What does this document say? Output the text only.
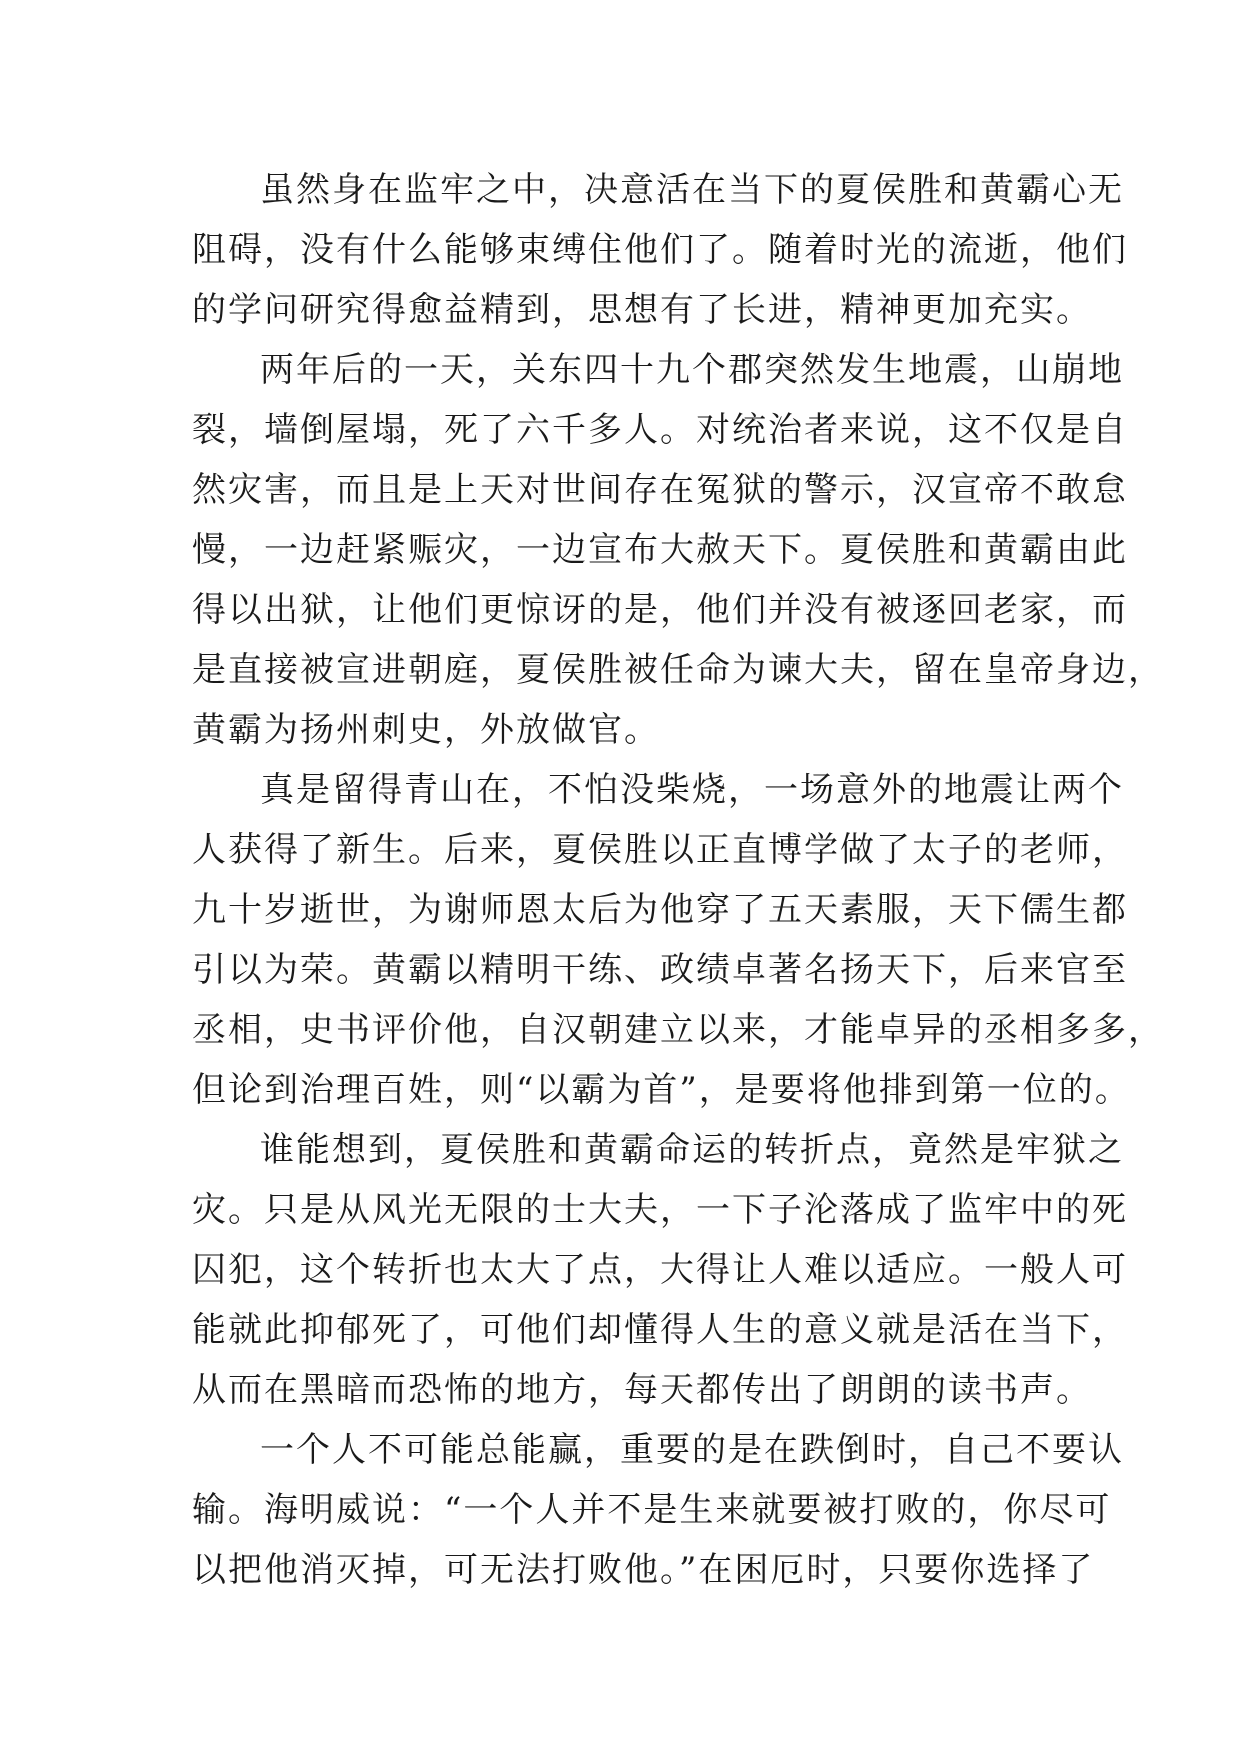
虽然身在监牢之中，决意活在当下的夏侯胜和黄霸心无
阻碍，没有什么能够束缚住他们了。随着时光的流逝，他们
的学问研究得愈益精到，思想有了长进，精神更加充实。
两年后的一天，关东四十九个郡突然发生地震，山崩地
裂，墙倒屋塌，死了六千多人。对统治者来说，这不仅是自
然灾害，而且是上天对世间存在冤狱的警示，汉宣帝不敢怠
慢，一边赶紧赈灾，一边宣布大赦天下。夏侯胜和黄霸由此
得以出狱，让他们更惊讶的是，他们并没有被逐回老家，而
是直接被宣进朝庭，夏侯胜被任命为谏大夫，留在皇帝身边，
黄霸为扬州刺史，外放做官。
真是留得青山在，不怕没柴烧，一场意外的地震让两个
人获得了新生。后来，夏侯胜以正直博学做了太子的老师，
九十岁逝世，为谢师恩太后为他穿了五天素服，天下儒生都
引以为荣。黄霸以精明干练、政绩卓著名扬天下，后来官至
丞相，史书评价他，自汉朝建立以来，才能卓异的丞相多多，
但论到治理百姓，则“以霸为首”，是要将他排到第一位的。
谁能想到，夏侯胜和黄霸命运的转折点，竟然是牢狱之
灾。只是从风光无限的士大夫，一下子沦落成了监牢中的死
囚犯，这个转折也太大了点，大得让人难以适应。一般人可
能就此抑郁死了，可他们却懂得人生的意义就是活在当下，
从而在黑暗而恐怖的地方，每天都传出了朗朗的读书声。
一个人不可能总能赢，重要的是在跌倒时，自己不要认
输。海明威说：“一个人并不是生来就要被打败的，你尽可
以把他消灭掉，可无法打败他。”在困厄时，只要你选择了
